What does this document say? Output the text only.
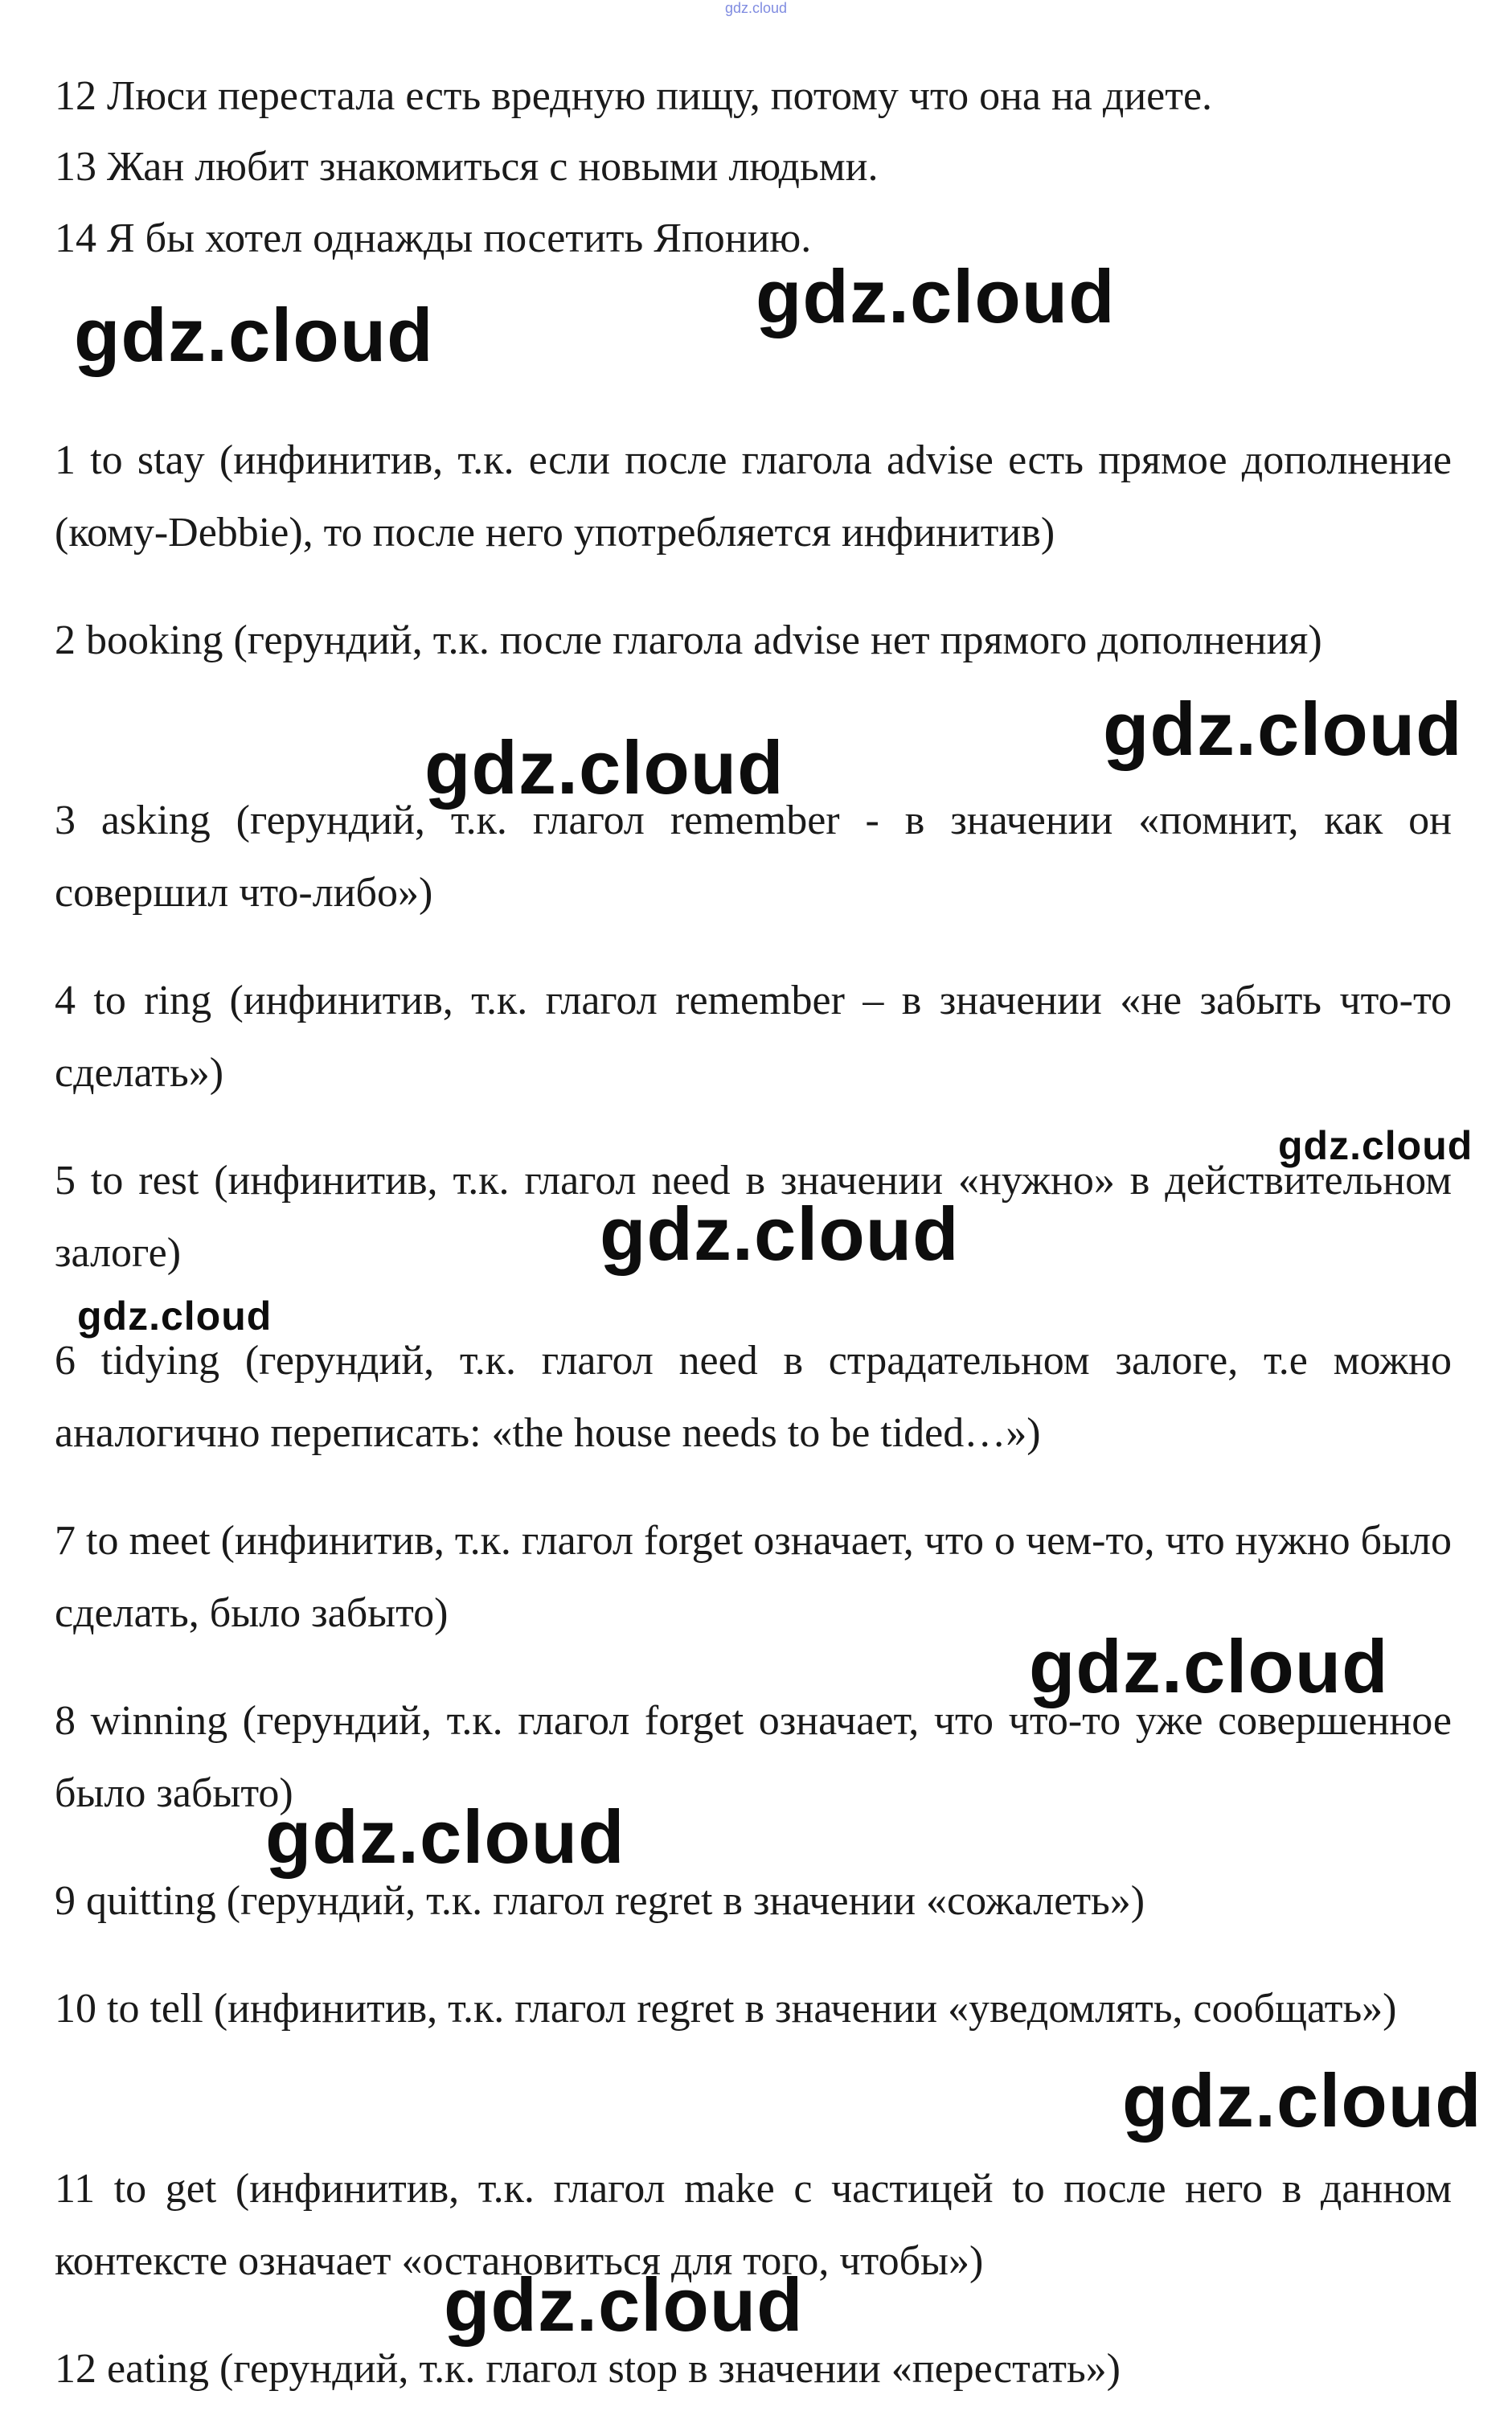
gdz.cloud
12 Люси перестала есть вредную пищу, потому что она на диете.
13 Жан любит знакомиться с новыми людьми.
14 Я бы хотел однажды посетить Японию.
1 to stay (инфинитив, т.к. если после глагола advise есть прямое дополнение (кому-Debbie), то после него употребляется инфинитив)
2 booking (герундий, т.к. после глагола advise нет прямого дополнения)
3 asking (герундий, т.к. глагол remember - в значении «помнит, как он совершил что-либо»)
4 to ring (инфинитив, т.к. глагол remember – в значении «не забыть что-то сделать»)
5 to rest (инфинитив, т.к. глагол need в значении «нужно» в действительном залоге)
6 tidying (герундий, т.к. глагол need в страдательном залоге, т.е можно аналогично переписать: «the house needs to be tided…»)
7 to meet (инфинитив, т.к. глагол forget означает, что о чем-то, что нужно было сделать, было забыто)
8 winning (герундий, т.к. глагол forget означает, что что-то уже совершенное было забыто)
9 quitting (герундий, т.к. глагол regret в значении «сожалеть»)
10 to tell (инфинитив, т.к. глагол regret в значении «уведомлять, сообщать»)
11 to get (инфинитив, т.к. глагол make с частицей to после него в данном контексте означает «остановиться для того, чтобы»)
12 eating (герундий, т.к. глагол stop в значении «перестать»)
gdz.cloud	gdz.cloud
gdz.cloud
gdz.cloud
gdz.cloud
gdz.cloud
gdz.cloud
gdz.cloud
gdz.cloud
gdz.cloud
gdz.cloud
